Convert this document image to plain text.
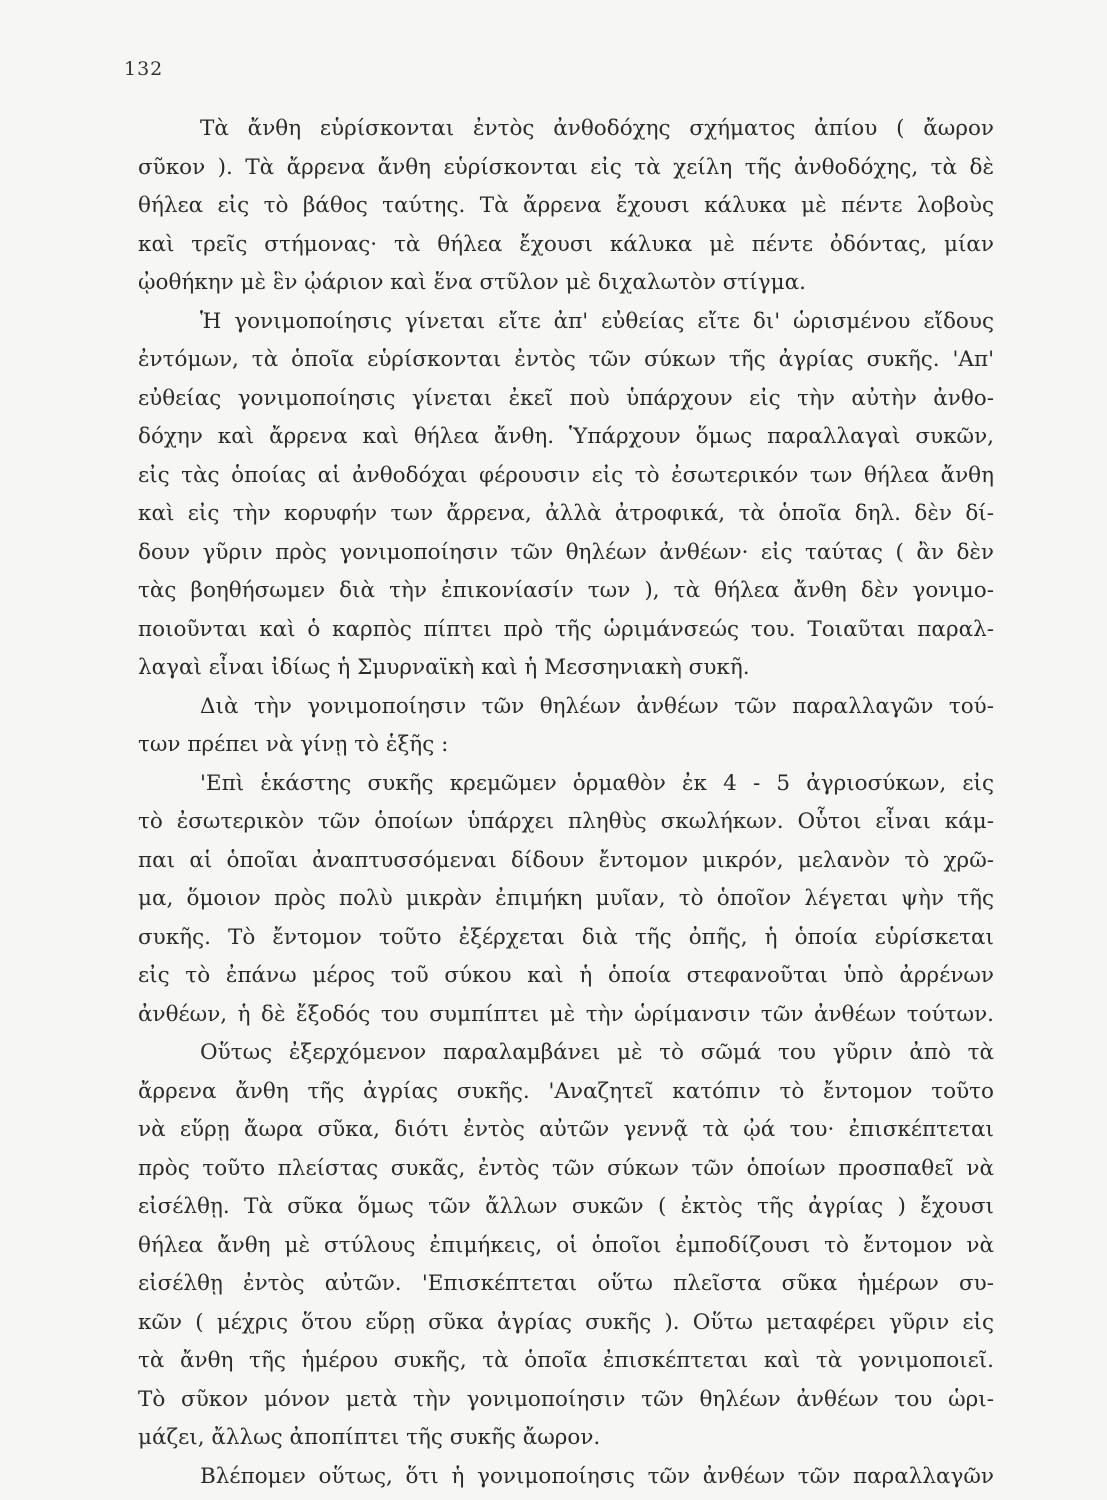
132
Τὰ ἄνθη εὑρίσκονται ἐντὸς ἀνθοδόχης σχήματος ἀπίου ( ἄωρον
σῦκον ). Τὰ ἄρρενα ἄνθη εὑρίσκονται εἰς τὰ χείλη τῆς ἀνθοδόχης, τὰ δὲ
θήλεα εἰς τὸ βάθος ταύτης. Τὰ ἄρρενα ἔχουσι κάλυκα μὲ πέντε λοβοὺς
καὶ τρεῖς στήμονας· τὰ θήλεα ἔχουσι κάλυκα μὲ πέντε ὀδόντας, μίαν
ᾠοθήκην μὲ ἓν ᾠάριον καὶ ἕνα στῦλον μὲ διχαλωτὸν στίγμα.
Ἡ γονιμοποίησις γίνεται εἴτε ἀπ' εὐθείας εἴτε δι' ὡρισμένου εἴδους
ἐντόμων, τὰ ὁποῖα εὑρίσκονται ἐντὸς τῶν σύκων τῆς ἀγρίας συκῆς. 'Απ'
εὐθείας γονιμοποίησις γίνεται ἐκεῖ ποὺ ὑπάρχουν εἰς τὴν αὐτὴν ἀνθο-
δόχην καὶ ἄρρενα καὶ θήλεα ἄνθη. Ὑπάρχουν ὅμως παραλλαγαὶ συκῶν,
εἰς τὰς ὁποίας αἱ ἀνθοδόχαι φέρουσιν εἰς τὸ ἐσωτερικόν των θήλεα ἄνθη
καὶ εἰς τὴν κορυφήν των ἄρρενα, ἀλλὰ ἀτροφικά, τὰ ὁποῖα δηλ. δὲν δί-
δουν γῦριν πρὸς γονιμοποίησιν τῶν θηλέων ἀνθέων· εἰς ταύτας ( ἂν δὲν
τὰς βοηθήσωμεν διὰ τὴν ἐπικονίασίν των ), τὰ θήλεα ἄνθη δὲν γονιμο-
ποιοῦνται καὶ ὁ καρπὸς πίπτει πρὸ τῆς ὡριμάνσεώς του. Τοιαῦται παραλ-
λαγαὶ εἶναι ἰδίως ἡ Σμυρναϊκὴ καὶ ἡ Μεσσηνιακὴ συκῆ.
Διὰ τὴν γονιμοποίησιν τῶν θηλέων ἀνθέων τῶν παραλλαγῶν τού-
των πρέπει νὰ γίνῃ τὸ ἑξῆς :
'Επὶ ἑκάστης συκῆς κρεμῶμεν ὁρμαθὸν ἐκ 4 - 5 ἀγριοσύκων, εἰς
τὸ ἐσωτερικὸν τῶν ὁποίων ὑπάρχει πληθὺς σκωλήκων. Οὗτοι εἶναι κάμ-
παι αἱ ὁποῖαι ἀναπτυσσόμεναι δίδουν ἔντομον μικρόν, μελανὸν τὸ χρῶ-
μα, ὅμοιον πρὸς πολὺ μικρὰν ἐπιμήκη μυῖαν, τὸ ὁποῖον λέγεται ψὴν τῆς
συκῆς. Τὸ ἔντομον τοῦτο ἐξέρχεται διὰ τῆς ὀπῆς, ἡ ὁποία εὑρίσκεται
εἰς τὸ ἐπάνω μέρος τοῦ σύκου καὶ ἡ ὁποία στεφανοῦται ὑπὸ ἀρρένων
ἀνθέων, ἡ δὲ ἔξοδός του συμπίπτει μὲ τὴν ὡρίμανσιν τῶν ἀνθέων τούτων.
Οὕτως ἐξερχόμενον παραλαμβάνει μὲ τὸ σῶμά του γῦριν ἀπὸ τὰ
ἄρρενα ἄνθη τῆς ἀγρίας συκῆς. 'Αναζητεῖ κατόπιν τὸ ἔντομον τοῦτο
νὰ εὕρῃ ἄωρα σῦκα, διότι ἐντὸς αὐτῶν γεννᾷ τὰ ᾠά του· ἐπισκέπτεται
πρὸς τοῦτο πλείστας συκᾶς, ἐντὸς τῶν σύκων τῶν ὁποίων προσπαθεῖ νὰ
εἰσέλθῃ. Τὰ σῦκα ὅμως τῶν ἄλλων συκῶν ( ἐκτὸς τῆς ἀγρίας ) ἔχουσι
θήλεα ἄνθη μὲ στύλους ἐπιμήκεις, οἱ ὁποῖοι ἐμποδίζουσι τὸ ἔντομον νὰ
εἰσέλθῃ ἐντὸς αὐτῶν. 'Επισκέπτεται οὕτω πλεῖστα σῦκα ἡμέρων συ-
κῶν ( μέχρις ὅτου εὕρῃ σῦκα ἀγρίας συκῆς ). Οὕτω μεταφέρει γῦριν εἰς
τὰ ἄνθη τῆς ἡμέρου συκῆς, τὰ ὁποῖα ἐπισκέπτεται καὶ τὰ γονιμοποιεῖ.
Τὸ σῦκον μόνον μετὰ τὴν γονιμοποίησιν τῶν θηλέων ἀνθέων του ὡρι-
μάζει, ἄλλως ἀποπίπτει τῆς συκῆς ἄωρον.
Βλέπομεν οὕτως, ὅτι ἡ γονιμοποίησις τῶν ἀνθέων τῶν παραλλαγῶν
